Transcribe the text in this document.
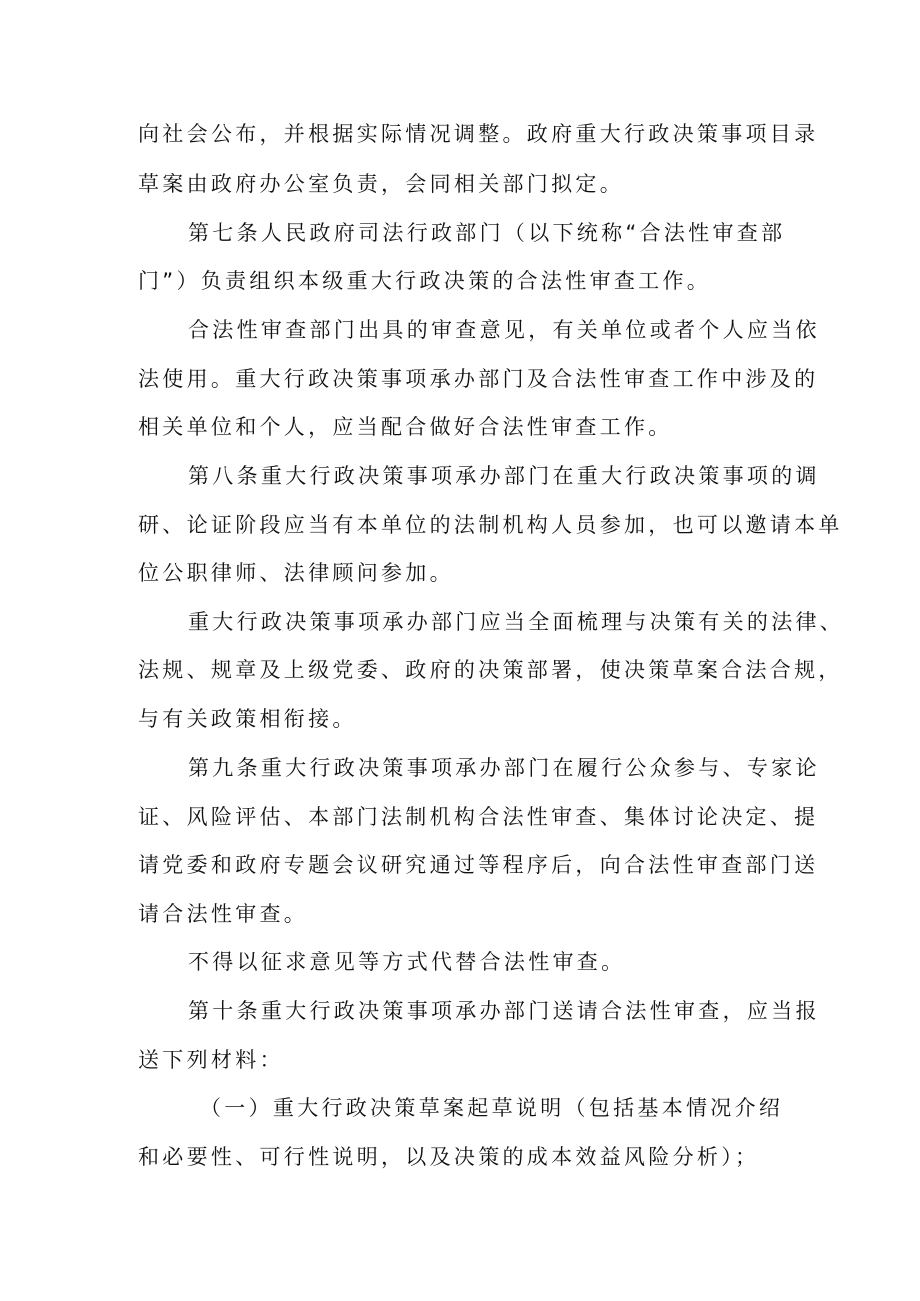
向社会公布，并根据实际情况调整。政府重大行政决策事项目录
草案由政府办公室负责，会同相关部门拟定。
第七条人民政府司法行政部门（以下统称“合法性审查部
门”）负责组织本级重大行政决策的合法性审查工作。
合法性审查部门出具的审查意见，有关单位或者个人应当依
法使用。重大行政决策事项承办部门及合法性审查工作中涉及的
相关单位和个人，应当配合做好合法性审查工作。
第八条重大行政决策事项承办部门在重大行政决策事项的调
研、论证阶段应当有本单位的法制机构人员参加，也可以邀请本单
位公职律师、法律顾问参加。
重大行政决策事项承办部门应当全面梳理与决策有关的法律、
法规、规章及上级党委、政府的决策部署，使决策草案合法合规，
与有关政策相衔接。
第九条重大行政决策事项承办部门在履行公众参与、专家论
证、风险评估、本部门法制机构合法性审查、集体讨论决定、提
请党委和政府专题会议研究通过等程序后，向合法性审查部门送
请合法性审查。
不得以征求意见等方式代替合法性审查。
第十条重大行政决策事项承办部门送请合法性审查，应当报
送下列材料：
（一）重大行政决策草案起草说明（包括基本情况介绍
和必要性、可行性说明，以及决策的成本效益风险分析）；
